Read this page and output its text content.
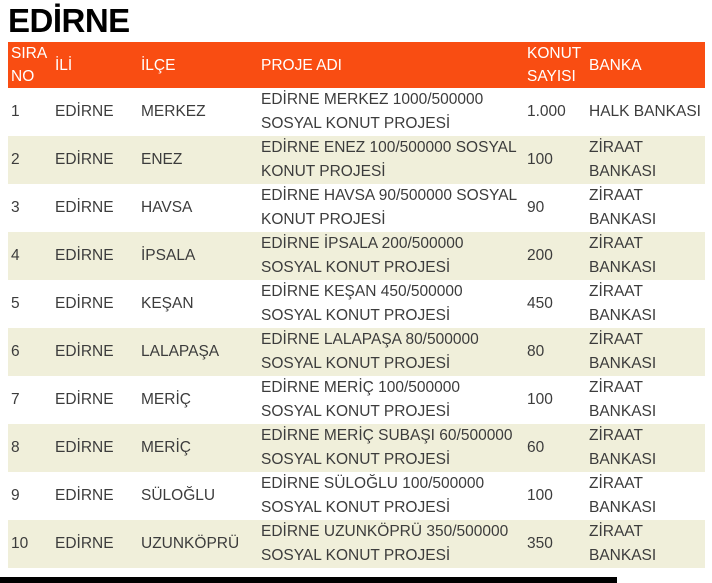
EDİRNE
SIRA NO	İLİ	İLÇE	PROJE ADI	KONUT SAYISI	BANKA
1	EDİRNE	MERKEZ	EDİRNE MERKEZ 1000/500000 SOSYAL KONUT PROJESİ	1.000	HALK BANKASI
2	EDİRNE	ENEZ	EDİRNE ENEZ 100/500000 SOSYAL KONUT PROJESİ	100	ZİRAAT BANKASI
3	EDİRNE	HAVSA	EDİRNE HAVSA 90/500000 SOSYAL KONUT PROJESİ	90	ZİRAAT BANKASI
4	EDİRNE	İPSALA	EDİRNE İPSALA 200/500000 SOSYAL KONUT PROJESİ	200	ZİRAAT BANKASI
5	EDİRNE	KEŞAN	EDİRNE KEŞAN 450/500000 SOSYAL KONUT PROJESİ	450	ZİRAAT BANKASI
6	EDİRNE	LALAPAŞA	EDİRNE LALAPAŞA 80/500000 SOSYAL KONUT PROJESİ	80	ZİRAAT BANKASI
7	EDİRNE	MERİÇ	EDİRNE MERİÇ 100/500000 SOSYAL KONUT PROJESİ	100	ZİRAAT BANKASI
8	EDİRNE	MERİÇ	EDİRNE MERİÇ SUBAŞI 60/500000 SOSYAL KONUT PROJESİ	60	ZİRAAT BANKASI
9	EDİRNE	SÜLOĞLU	EDİRNE SÜLOĞLU 100/500000 SOSYAL KONUT PROJESİ	100	ZİRAAT BANKASI
10	EDİRNE	UZUNKÖPRÜ	EDİRNE UZUNKÖPRÜ 350/500000 SOSYAL KONUT PROJESİ	350	ZİRAAT BANKASI
